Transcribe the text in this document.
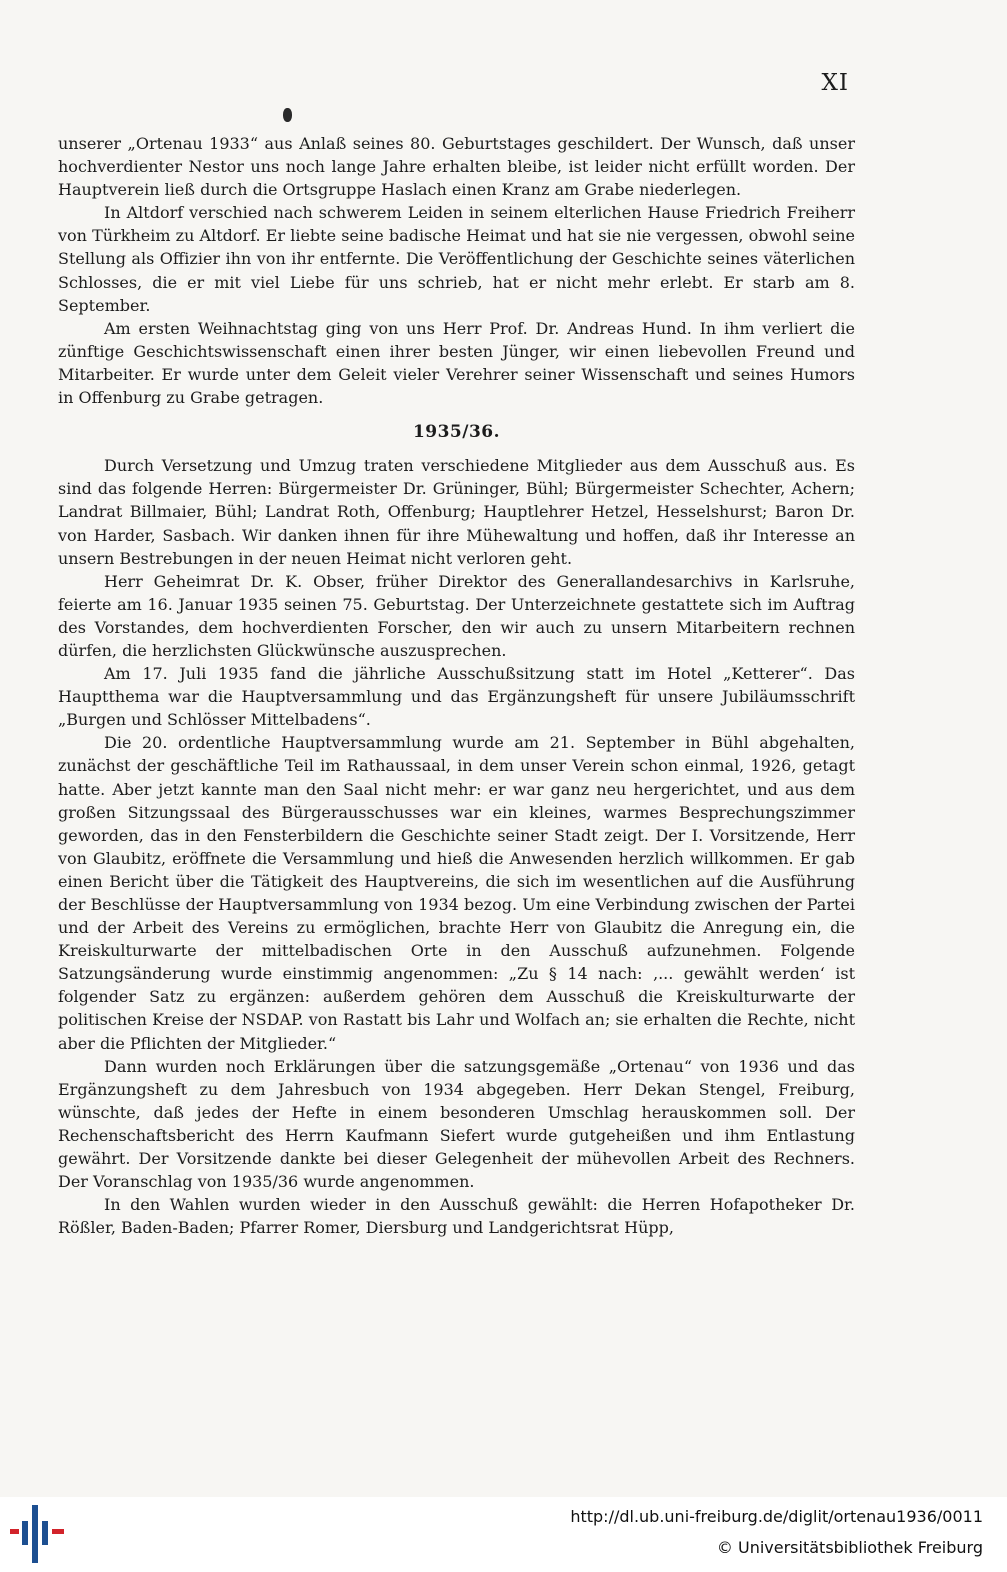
XI

unserer „Ortenau 1933“ aus Anlaß seines 80. Geburtstages geschildert. Der Wunsch, daß unser hochverdienter Nestor uns noch lange Jahre erhalten bleibe, ist leider nicht erfüllt worden. Der Hauptverein ließ durch die Ortsgruppe Haslach einen Kranz am Grabe niederlegen.

In Altdorf verschied nach schwerem Leiden in seinem elterlichen Hause Friedrich Freiherr von Türkheim zu Altdorf. Er liebte seine badische Heimat und hat sie nie vergessen, obwohl seine Stellung als Offizier ihn von ihr entfernte. Die Veröffentlichung der Geschichte seines väterlichen Schlosses, die er mit viel Liebe für uns schrieb, hat er nicht mehr erlebt. Er starb am 8. September.

Am ersten Weihnachtstag ging von uns Herr Prof. Dr. Andreas Hund. In ihm verliert die zünftige Geschichtswissenschaft einen ihrer besten Jünger, wir einen liebevollen Freund und Mitarbeiter. Er wurde unter dem Geleit vieler Verehrer seiner Wissenschaft und seines Humors in Offenburg zu Grabe getragen.

1935/36.

Durch Versetzung und Umzug traten verschiedene Mitglieder aus dem Ausschuß aus. Es sind das folgende Herren: Bürgermeister Dr. Grüninger, Bühl; Bürgermeister Schechter, Achern; Landrat Billmaier, Bühl; Landrat Roth, Offenburg; Hauptlehrer Hetzel, Hesselshurst; Baron Dr. von Harder, Sasbach. Wir danken ihnen für ihre Mühewaltung und hoffen, daß ihr Interesse an unsern Bestrebungen in der neuen Heimat nicht verloren geht.

Herr Geheimrat Dr. K. Obser, früher Direktor des Generallandesarchivs in Karlsruhe, feierte am 16. Januar 1935 seinen 75. Geburtstag. Der Unterzeichnete gestattete sich im Auftrag des Vorstandes, dem hochverdienten Forscher, den wir auch zu unsern Mitarbeitern rechnen dürfen, die herzlichsten Glückwünsche auszusprechen.

Am 17. Juli 1935 fand die jährliche Ausschußsitzung statt im Hotel „Ketterer“. Das Hauptthema war die Hauptversammlung und das Ergänzungsheft für unsere Jubiläumsschrift „Burgen und Schlösser Mittelbadens“.

Die 20. ordentliche Hauptversammlung wurde am 21. September in Bühl abgehalten, zunächst der geschäftliche Teil im Rathaussaal, in dem unser Verein schon einmal, 1926, getagt hatte. Aber jetzt kannte man den Saal nicht mehr: er war ganz neu hergerichtet, und aus dem großen Sitzungssaal des Bürgerausschusses war ein kleines, warmes Besprechungszimmer geworden, das in den Fensterbildern die Geschichte seiner Stadt zeigt. Der I. Vorsitzende, Herr von Glaubitz, eröffnete die Versammlung und hieß die Anwesenden herzlich willkommen. Er gab einen Bericht über die Tätigkeit des Hauptvereins, die sich im wesentlichen auf die Ausführung der Beschlüsse der Hauptversammlung von 1934 bezog. Um eine Verbindung zwischen der Partei und der Arbeit des Vereins zu ermöglichen, brachte Herr von Glaubitz die Anregung ein, die Kreiskulturwarte der mittelbadischen Orte in den Ausschuß aufzunehmen. Folgende Satzungsänderung wurde einstimmig angenommen: „Zu § 14 nach: ‚... gewählt werden‘ ist folgender Satz zu ergänzen: außerdem gehören dem Ausschuß die Kreiskulturwarte der politischen Kreise der NSDAP. von Rastatt bis Lahr und Wolfach an; sie erhalten die Rechte, nicht aber die Pflichten der Mitglieder.“

Dann wurden noch Erklärungen über die satzungsgemäße „Ortenau“ von 1936 und das Ergänzungsheft zu dem Jahresbuch von 1934 abgegeben. Herr Dekan Stengel, Freiburg, wünschte, daß jedes der Hefte in einem besonderen Umschlag herauskommen soll. Der Rechenschaftsbericht des Herrn Kaufmann Siefert wurde gutgeheißen und ihm Entlastung gewährt. Der Vorsitzende dankte bei dieser Gelegenheit der mühevollen Arbeit des Rechners. Der Voranschlag von 1935/36 wurde angenommen.

In den Wahlen wurden wieder in den Ausschuß gewählt: die Herren Hofapotheker Dr. Rößler, Baden-Baden; Pfarrer Romer, Diersburg und Landgerichtsrat Hüpp,

http://dl.ub.uni-freiburg.de/diglit/ortenau1936/0011
© Universitätsbibliothek Freiburg
